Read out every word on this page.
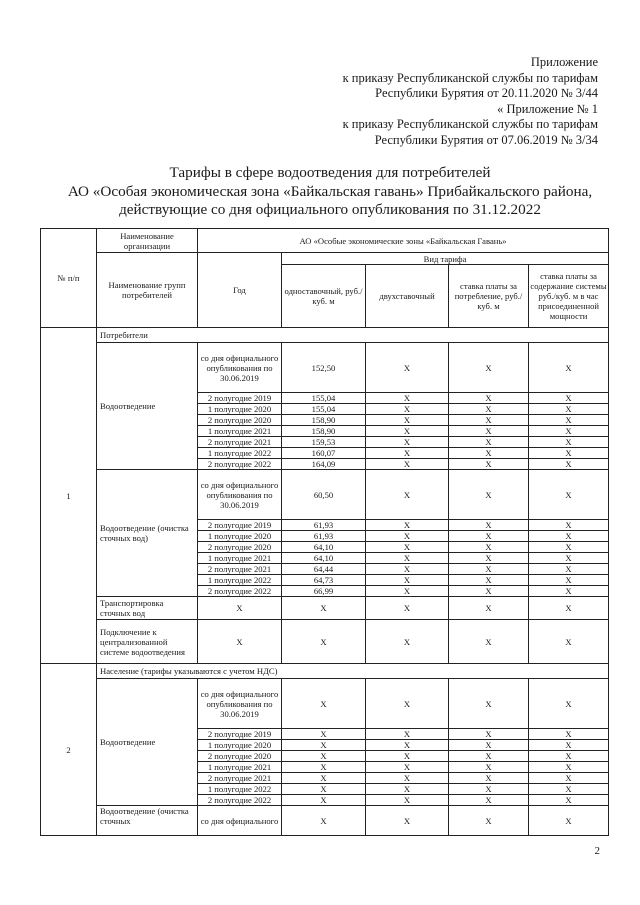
Приложение
к приказу Республиканской службы по тарифам
Республики Бурятия от 20.11.2020 № 3/44
« Приложение № 1
к приказу Республиканской службы по тарифам
Республики Бурятия от 07.06.2019 № 3/34
Тарифы в сфере водоотведения для потребителей
АО «Особая экономическая зона «Байкальская гавань» Прибайкальского района,
действующие со дня официального опубликования по 31.12.2022
№ п/п	Наименование организации	АО «Особые экономические зоны «Байкальская Гавань»				
	Наименование групп потребителей	Год	Вид тарифа			
			одноставочный, руб./ куб. м	двухставочный	ставка платы за потребление, руб./ куб. м	ставка платы за содержание системы руб./куб. м в час присоединенной мощности
1	Потребители					
	Водоотведение	со дня официального опубликования по 30.06.2019	152,50	X	X	X
		2 полугодие 2019	155,04	X	X	X
		1 полугодие 2020	155,04	X	X	X
		2 полугодие 2020	158,90	X	X	X
		1 полугодие 2021	158,90	X	X	X
		2 полугодие 2021	159,53	X	X	X
		1 полугодие 2022	160,07	X	X	X
		2 полугодие 2022	164,09	X	X	X
	Водоотведение (очистка сточных вод)	со дня официального опубликования по 30.06.2019	60,50	X	X	X
		2 полугодие 2019	61,93	X	X	X
		1 полугодие 2020	61,93	X	X	X
		2 полугодие 2020	64,10	X	X	X
		1 полугодие 2021	64,10	X	X	X
		2 полугодие 2021	64,44	X	X	X
		1 полугодие 2022	64,73	X	X	X
		2 полугодие 2022	66,99	X	X	X
	Транспортировка сточных вод	X	X	X	X	X
	Подключение к централизованной системе водоотведения	X	X	X	X	X
2	Население (тарифы указываются с учетом НДС)					
	Водоотведение	со дня официального опубликования по 30.06.2019	X	X	X	X
		2 полугодие 2019	X	X	X	X
		1 полугодие 2020	X	X	X	X
		2 полугодие 2020	X	X	X	X
		1 полугодие 2021	X	X	X	X
		2 полугодие 2021	X	X	X	X
		1 полугодие 2022	X	X	X	X
		2 полугодие 2022	X	X	X	X
	Водоотведение (очистка сточных	со дня официального	X	X	X	X
2
